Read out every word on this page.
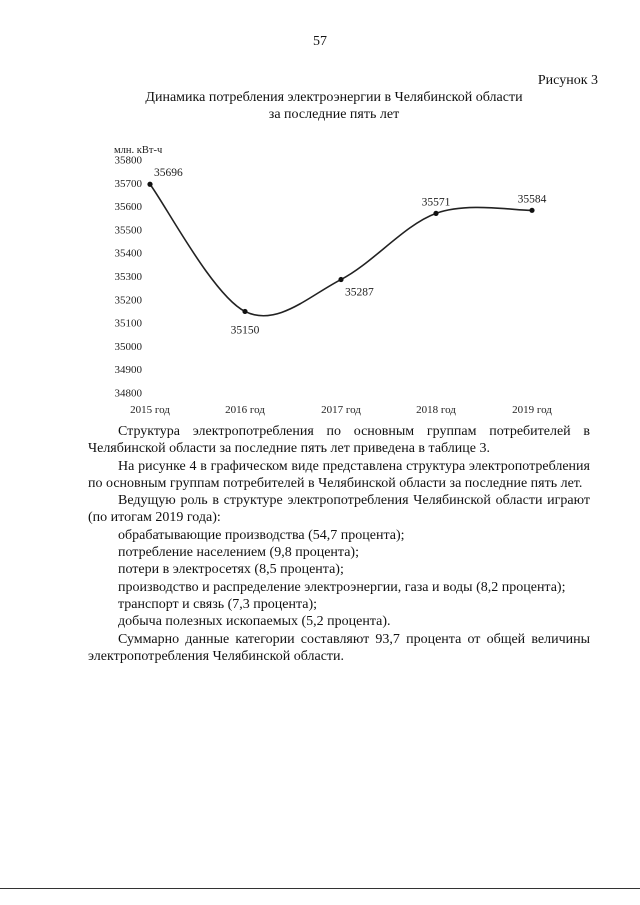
57
Рисунок 3
Динамика потребления электроэнергии в Челябинской области
за последние пять лет
млн. кВт-ч
34800
34900
35000
35100
35200
35300
35400
35500
35600
35700
35800
2015 год	2016 год	2017 год	2018 год	2019 год
35696
35150
35287
35571	35584

Структура электропотребления по основным группам потребителей в Челябинской области за последние пять лет приведена в таблице 3.

На рисунке 4 в графическом виде представлена структура электропотребления по основным группам потребителей в Челябинской области за последние пять лет.

Ведущую роль в структуре электропотребления Челябинской области играют (по итогам 2019 года):

обрабатывающие производства (54,7 процента);

потребление населением (9,8 процента);

потери в электросетях (8,5 процента);

производство и распределение электроэнергии, газа и воды (8,2 процента);

транспорт и связь (7,3 процента);

добыча полезных ископаемых (5,2 процента).

Суммарно данные категории составляют 93,7 процента от общей величины электропотребления Челябинской области.
